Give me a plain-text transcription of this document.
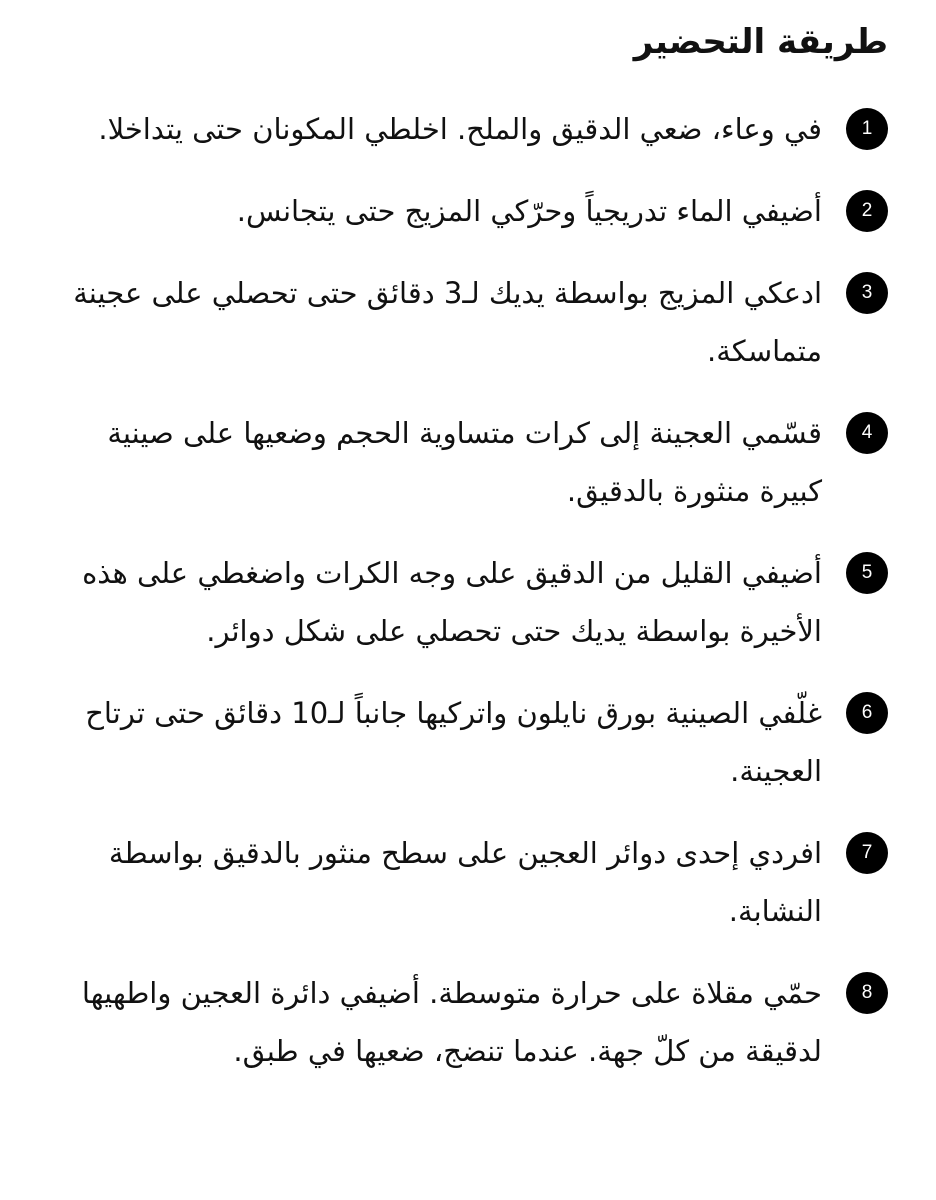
طريقة التحضير
1

في وعاء، ضعي الدقيق والملح. اخلطي المكونان حتى يتداخلا.

2

أضيفي الماء تدريجياً وحرّكي المزيج حتى يتجانس.

3

ادعكي المزيج بواسطة يديك لـ3 دقائق حتى تحصلي على عجينة متماسكة.

4

قسّمي العجينة إلى كرات متساوية الحجم وضعيها على صينية كبيرة منثورة بالدقيق.

5

أضيفي القليل من الدقيق على وجه الكرات واضغطي على هذه الأخيرة بواسطة يديك حتى تحصلي على شكل دوائر.

6

غلّفي الصينية بورق نايلون واتركيها جانباً لـ10 دقائق حتى ترتاح العجينة.

7

افردي إحدى دوائر العجين على سطح منثور بالدقيق بواسطة النشابة.

8

حمّي مقلاة على حرارة متوسطة. أضيفي دائرة العجين واطهيها لدقيقة من كلّ جهة. عندما تنضج، ضعيها في طبق.
